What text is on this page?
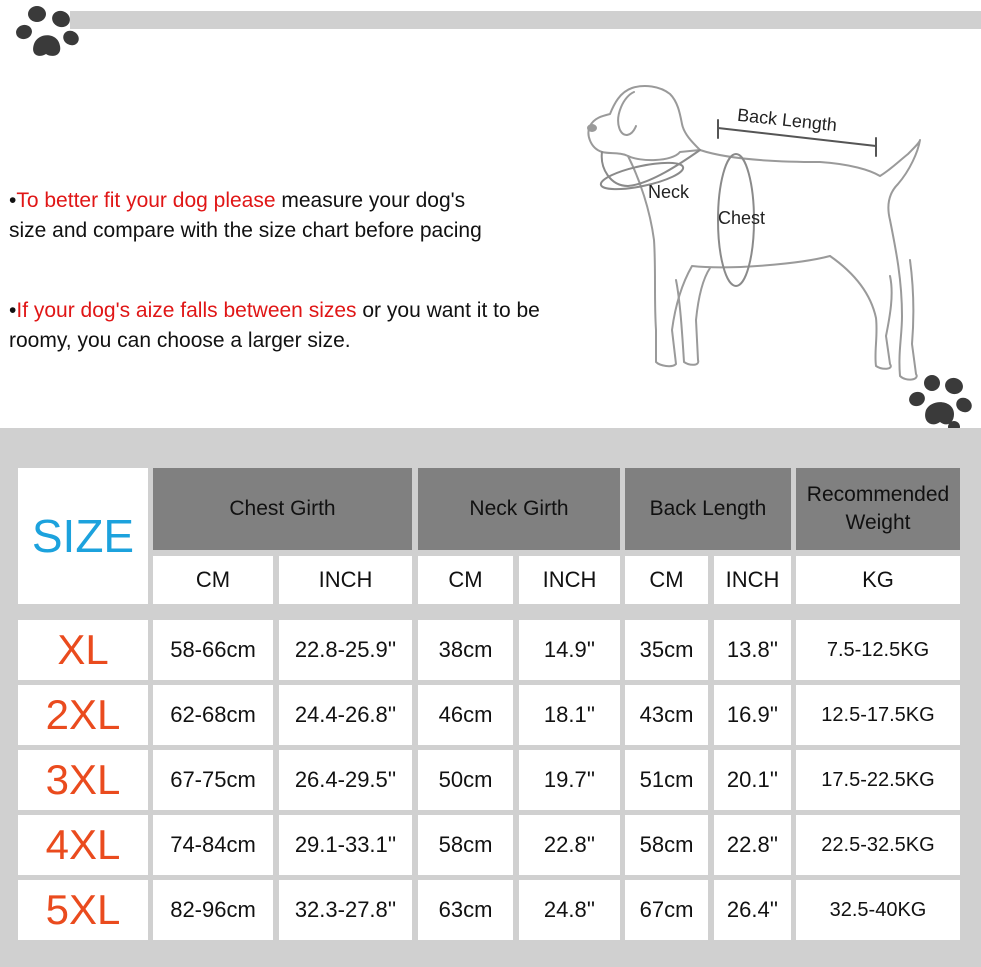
•To better fit your dog please measure your dog's
size and compare with the size chart before pacing
•If your dog's aize falls between sizes or you want it to be
roomy, you can choose a larger size.
Back Length
Neck
Chest
SIZE
Chest Girth	Neck Girth	Back Length
Recommended
Weight
CM	INCH	CM	INCH	CM	INCH	KG
XL	58-66cm	22.8-25.9''	38cm	14.9''	35cm	13.8''	7.5-12.5KG
2XL	62-68cm	24.4-26.8''	46cm	18.1''	43cm	16.9''	12.5-17.5KG
3XL	67-75cm	26.4-29.5''	50cm	19.7''	51cm	20.1''	17.5-22.5KG
4XL	74-84cm	29.1-33.1''	58cm	22.8''	58cm	22.8''	22.5-32.5KG
5XL	82-96cm	32.3-27.8''	63cm	24.8''	67cm	26.4''	32.5-40KG
